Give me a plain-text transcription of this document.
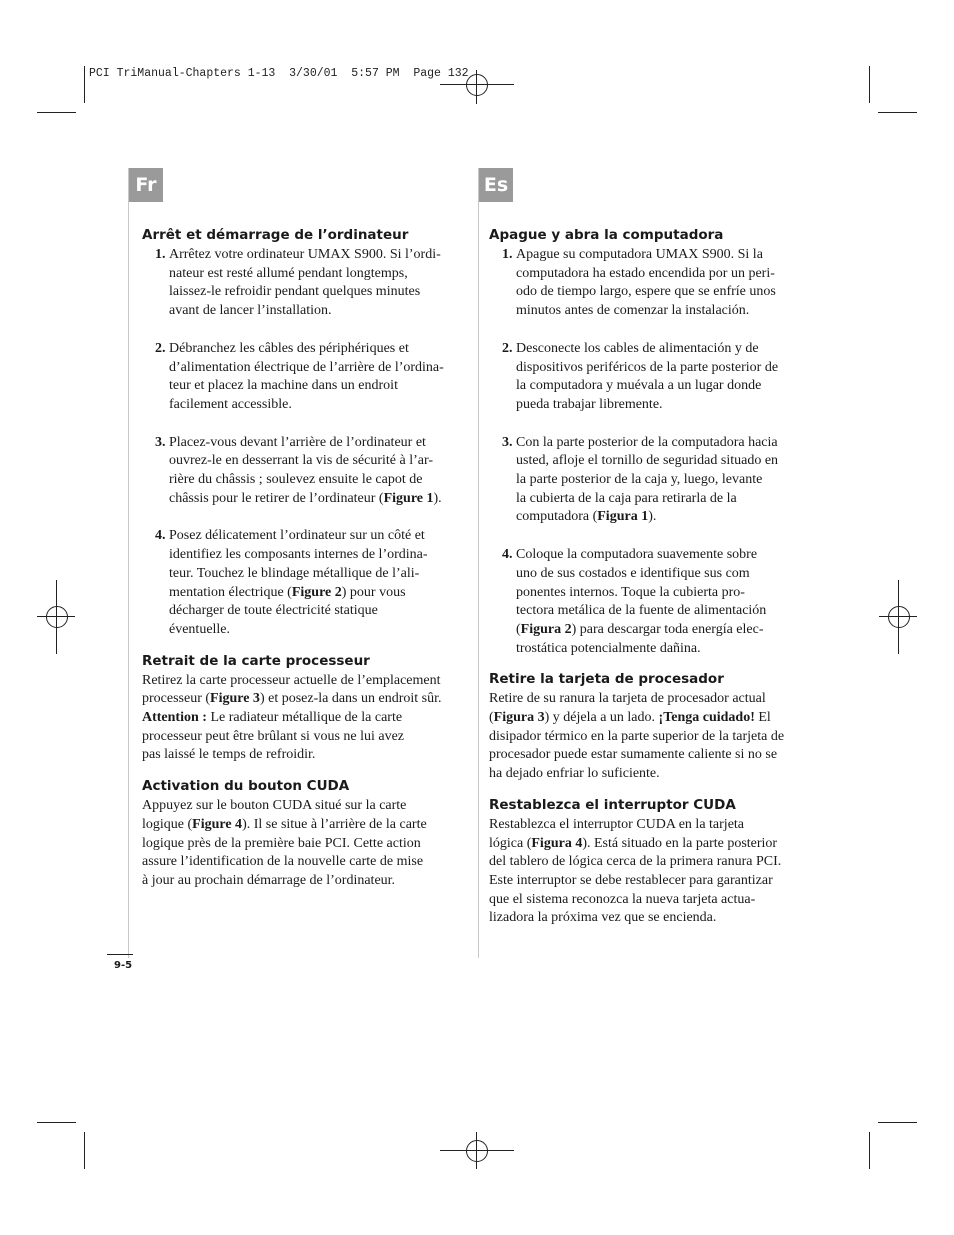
PCI TriManual-Chapters 1-13  3/30/01  5:57 PM  Page 132
Fr	Es
Arrêt et démarrage de l’ordinateur
1. Arrêtez votre ordinateur UMAX S900. Si l’ordi-
nateur est resté allumé pendant longtemps,
laissez-le refroidir pendant quelques minutes
avant de lancer l’installation.
2. Débranchez les câbles des périphériques et
d’alimentation électrique de l’arrière de l’ordina-
teur et placez la machine dans un endroit
facilement accessible.
3. Placez-vous devant l’arrière de l’ordinateur et
ouvrez-le en desserrant la vis de sécurité à l’ar-
rière du châssis ; soulevez ensuite le capot de
châssis pour le retirer de l’ordinateur (Figure 1).
4. Posez délicatement l’ordinateur sur un côté et
identifiez les composants internes de l’ordina-
teur. Touchez le blindage métallique de l’ali-
mentation électrique (Figure 2) pour vous
décharger de toute électricité statique
éventuelle.
Retrait de la carte processeur
Retirez la carte processeur actuelle de l’emplacement
processeur (Figure 3) et posez-la dans un endroit sûr.
Attention : Le radiateur métallique de la carte
processeur peut être brûlant si vous ne lui avez
pas laissé le temps de refroidir.
Activation du bouton CUDA
Appuyez sur le bouton CUDA situé sur la carte
logique (Figure 4). Il se situe à l’arrière de la carte
logique près de la première baie PCI. Cette action
assure l’identification de la nouvelle carte de mise
à jour au prochain démarrage de l’ordinateur.
Apague y abra la computadora
1. Apague su computadora UMAX S900. Si la
computadora ha estado encendida por un peri-
odo de tiempo largo, espere que se enfríe unos
minutos antes de comenzar la instalación.
2. Desconecte los cables de alimentación y de
dispositivos periféricos de la parte posterior de
la computadora y muévala a un lugar donde
pueda trabajar libremente.
3. Con la parte posterior de la computadora hacia
usted, afloje el tornillo de seguridad situado en
la parte posterior de la caja y, luego, levante
la cubierta de la caja para retirarla de la
computadora (Figura 1).
4. Coloque la computadora suavemente sobre
uno de sus costados e identifique sus com
ponentes internos. Toque la cubierta pro-
tectora metálica de la fuente de alimentación
(Figura 2) para descargar toda energía elec-
trostática potencialmente dañina.
Retire la tarjeta de procesador
Retire de su ranura la tarjeta de procesador actual
(Figura 3) y déjela a un lado. ¡Tenga cuidado! El
disipador térmico en la parte superior de la tarjeta de
procesador puede estar sumamente caliente si no se
ha dejado enfriar lo suficiente.
Restablezca el interruptor CUDA
Restablezca el interruptor CUDA en la tarjeta
lógica (Figura 4). Está situado en la parte posterior
del tablero de lógica cerca de la primera ranura PCI.
Este interruptor se debe restablecer para garantizar
que el sistema reconozca la nueva tarjeta actua-
lizadora la próxima vez que se encienda.
9-5
